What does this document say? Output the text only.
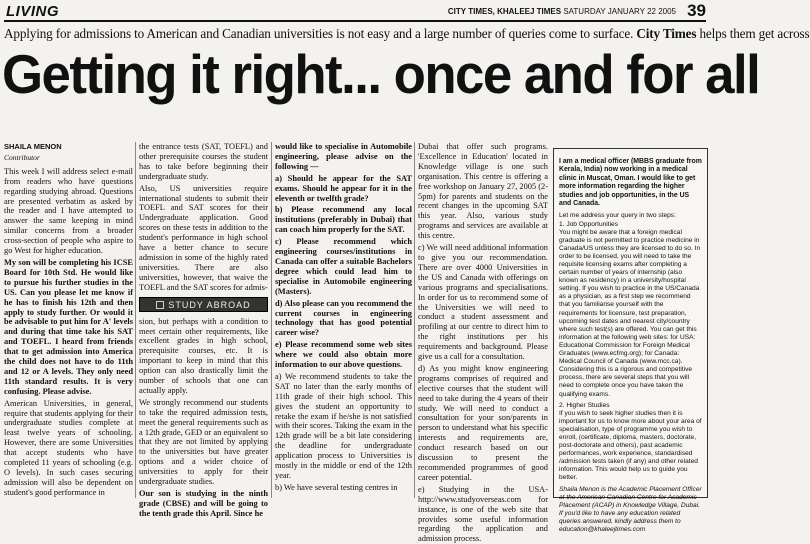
LIVING	CITY TIMES, KHALEEJ TIMES SATURDAY JANUARY 22 2005 39
Applying for admissions to American and Canadian universities is not easy and a large number of queries come to surface. City Times helps them get across
Getting it right... once and for all
SHAILA MENON
Contributor

This week I will address select e-mail from readers who have questions regarding studying abroad. Questions are presented verbatim as asked by the reader and I have attempted to answer the same keeping in mind similar concerns from a broader cross-section of people who aspire to go West for higher education.

My son will be completing his ICSE Board for 10th Std. He would like to pursue his further studies in the US. Can you please let me know if he has to finish his 12th and then apply to study further. Or would it be advisable to put him for A' levels and during that time take his SAT and TOEFL. I heard from friends that to get admission into America the child does not have to do 11th and 12 or A levels. They only need 11th standard results. It is very confusing. Please advise.

American Universities, in general, require that students applying for their undergraduate studies complete at least twelve years of schooling. However, there are some Universities that accept students who have completed 11 years of schooling (e.g. O levels). In such cases securing admission will also be dependent on student's good performance in

the entrance tests (SAT, TOEFL) and other prerequisite courses the student has to take before beginning their undergraduate study.

Also, US universities require international students to submit their TOEFL and SAT scores for their Undergraduate application. Good scores on these tests in addition to the student's performance in high school have a better chance to secure admission in some of the highly rated universities. There are also universities, however, that waive the TOEFL and the SAT scores for admis-

STUDY ABROAD

sion, but perhaps with a condition to meet certain other requirements, like excellent grades in high school, prerequisite courses, etc. It is important to keep in mind that this option can also drastically limit the number of schools that one can actually apply.

We strongly recommend our students to take the required admission tests, meet the general requirements such as a 12th grade, GED or an equivalent so that they are not limited by applying to the universities but have greater options and a wider choice of universities to apply for their undergraduate studies.

Our son is studying in the ninth grade (CBSE) and will be going to the tenth grade this April. Since he

would like to specialise in Automobile engineering, please advise on the following —

a) Should he appear for the SAT exams. Should he appear for it in the eleventh or twelfth grade?

b) Please recommend any local institutions (preferably in Dubai) that can coach him properly for the SAT.

c) Please recommend which engineering courses/institutions in Canada can offer a suitable Bachelors degree which could lead him to specialise in Automobile engineering (Masters).

d) Also please can you recommend the current courses in engineering technology that has good potential career wise?

e) Please recommend some web sites where we could also obtain more information to our above questions.

a) We recommend students to take the SAT no later than the early months of 11th grade of their high school. This gives the student an opportunity to retake the exam if he/she is not satisfied with their scores. Taking the exam in the 12th grade will be a bit late considering the deadline for undergraduate application process to Universities is mostly in the middle or end of the 12th year.

b) We have several testing centres in

Dubai that offer such programs. 'Excellence in Education' located in Knowledge village is one such organisation. This centre is offering a free workshop on January 27, 2005 (2-5pm) for parents and students on the recent changes in the upcoming SAT this year. Also, various study programs and services are available at this centre.

c) We will need additional information to give you our recommendation. There are over 4000 Universities in the US and Canada with offerings on various programs and specialisations. In order for us to recommend some of the Universities we will need to conduct a student assessment and profiling at our centre to direct him to the right institutions per his requirements and background. Please give us a call for a consultation.

d) As you might know engineering programs comprises of required and elective courses that the student will need to take during the 4 years of their study. We will need to conduct a consultation for your son/parents in person to understand what his specific interests and requirements are, conduct research based on our discussion to present the recommended programmes of good career potential.

e) Studying in the USA- http://www.studyoverseas.com for instance, is one of the web site that provides some useful information regarding the application and admission process.

I am a medical officer (MBBS graduate from Kerala, India) now working in a medical clinic in Muscat, Oman. I would like to get more information regarding the higher studies and job opportunities, in the US and Canada.

Let me address your query in two steps:

1. Job Opportunities

You might be aware that a foreign medical graduate is not permitted to practice medicine in Canada/US unless they are licensed to do so. In order to be licensed, you will need to take the requisite licensing exams after completing a certain number of years of internship (also known as residency) in a university/hospital setting. If you wish to practice in the US/Canada as a physician, as a first step we recommend that you familiarise yourself with the requirements for licensure, test preparation, upcoming test dates and nearest city/country where such test(s) are offered. You can get this information at the following web sites: for USA: Educational Commission for Foreign Medical Graduates (www.ecfmg.org); for Canada: Medical Council of Canada (www.mcc.ca). Considering this is a rigorous and competitive process, there are several steps that you will need to complete once you have taken the qualifying exams.

2. Higher Studies

If you wish to seek higher studies then it is important for us to know more about your area of specialisation, type of programme you wish to enroll, (certificate, diploma, masters, doctorate, post-doctorate and others), past academic performances, work experience, standardised /admission tests taken (if any) and other related information. This would help us to guide you better.

Shaila Menon is the Academic Placement Officer at the American Canadian Centre for Academic Placement (ACAP) in Knowledge Village, Dubai. If you'd like to have any education related queries answered, kindly address them to education@khaleejtimes.com
